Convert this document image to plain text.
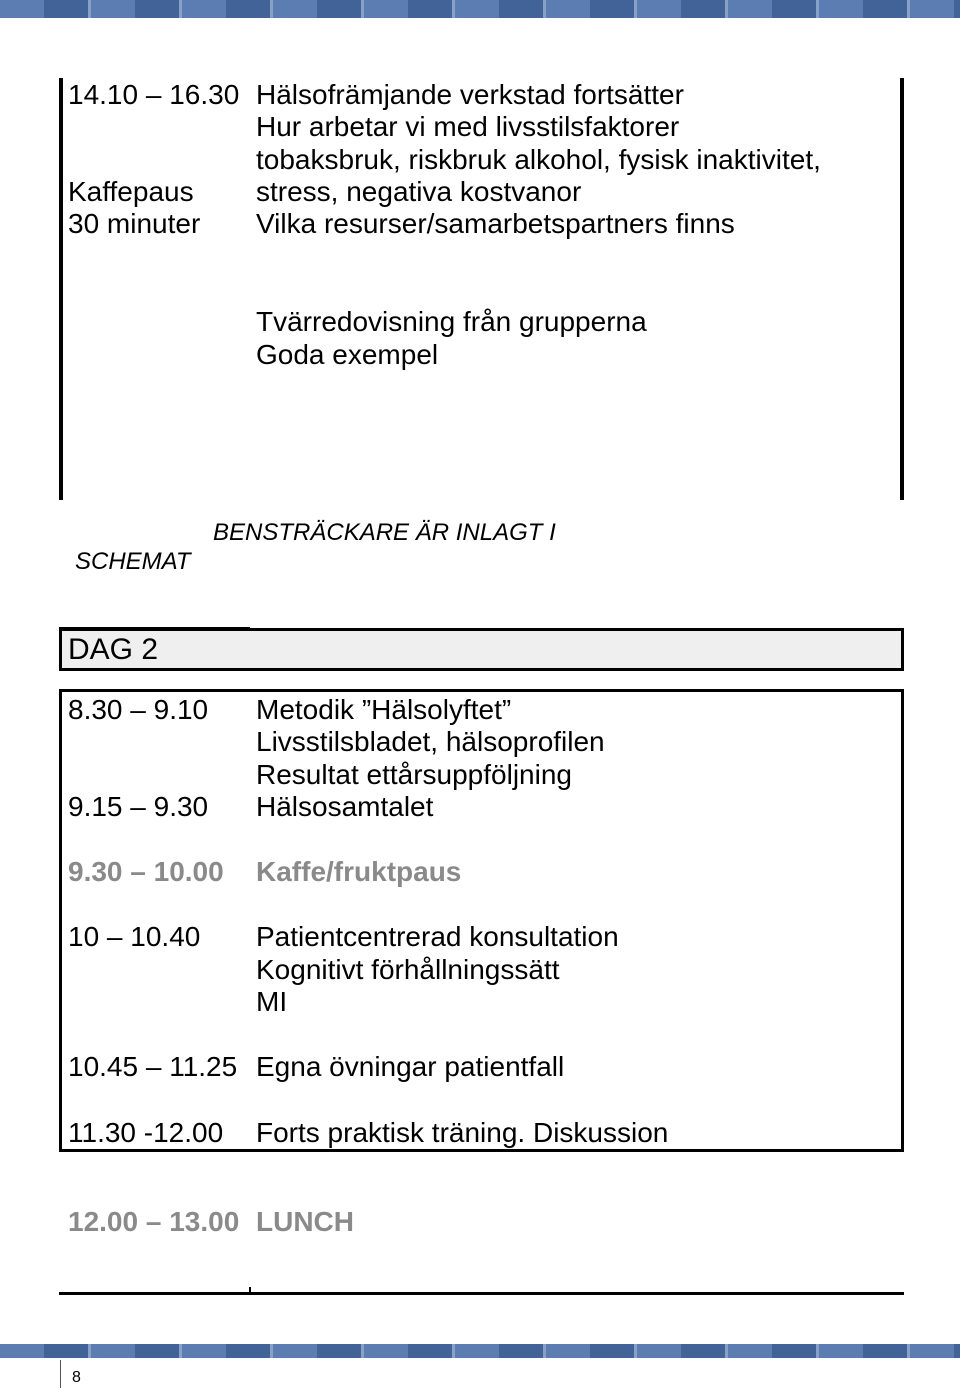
14.10 – 16.30 Hälsofrämjande verkstad fortsätter
Hur arbetar vi med livsstilsfaktorer
tobaksbruk, riskbruk alkohol, fysisk inaktivitet,
Kaffepaus stress, negativa kostvanor
30 minuter Vilka resurser/samarbetspartners finns
Tvärredovisning från grupperna
Goda exempel
BENSTRÄCKARE ÄR INLAGT I
SCHEMAT
DAG 2
8.30 – 9.10 Metodik ”Hälsolyftet”
Livsstilsbladet, hälsoprofilen
Resultat ettårsuppföljning
9.15 – 9.30 Hälsosamtalet
9.30 – 10.00 Kaffe/fruktpaus
10 – 10.40 Patientcentrerad konsultation
Kognitivt förhållningssätt
MI
10.45 – 11.25 Egna övningar patientfall
11.30 -12.00 Forts praktisk träning. Diskussion
12.00 – 13.00 LUNCH
8
